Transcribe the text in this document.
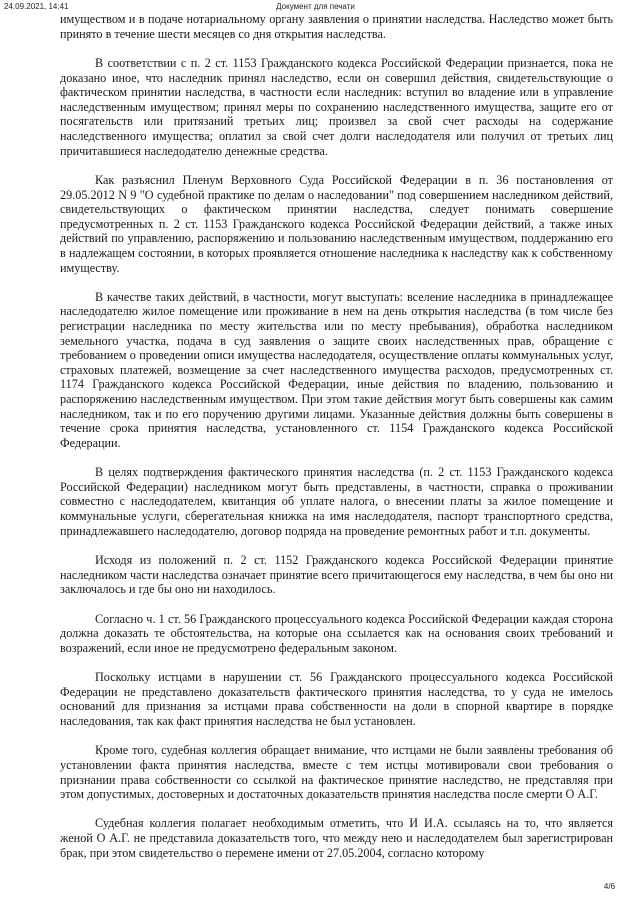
24.09.2021, 14:41	Документ для печати

имуществом и в подаче нотариальному органу заявления о принятии наследства. Наследство может быть принято в течение шести месяцев со дня открытия наследства.

В соответствии с п. 2 ст. 1153 Гражданского кодекса Российской Федерации признается, пока не доказано иное, что наследник принял наследство, если он совершил действия, свидетельствующие о фактическом принятии наследства, в частности если наследник: вступил во владение или в управление наследственным имуществом; принял меры по сохранению наследственного имущества, защите его от посягательств или притязаний третьих лиц; произвел за свой счет расходы на содержание наследственного имущества; оплатил за свой счет долги наследодателя или получил от третьих лиц причитавшиеся наследодателю денежные средства.

Как разъяснил Пленум Верховного Суда Российской Федерации в п. 36 постановления от 29.05.2012 N 9 "О судебной практике по делам о наследовании" под совершением наследником действий, свидетельствующих о фактическом принятии наследства, следует понимать совершение предусмотренных п. 2 ст. 1153 Гражданского кодекса Российской Федерации действий, а также иных действий по управлению, распоряжению и пользованию наследственным имуществом, поддержанию его в надлежащем состоянии, в которых проявляется отношение наследника к наследству как к собственному имуществу.

В качестве таких действий, в частности, могут выступать: вселение наследника в принадлежащее наследодателю жилое помещение или проживание в нем на день открытия наследства (в том числе без регистрации наследника по месту жительства или по месту пребывания), обработка наследником земельного участка, подача в суд заявления о защите своих наследственных прав, обращение с требованием о проведении описи имущества наследодателя, осуществление оплаты коммунальных услуг, страховых платежей, возмещение за счет наследственного имущества расходов, предусмотренных ст. 1174 Гражданского кодекса Российской Федерации, иные действия по владению, пользованию и распоряжению наследственным имуществом. При этом такие действия могут быть совершены как самим наследником, так и по его поручению другими лицами. Указанные действия должны быть совершены в течение срока принятия наследства, установленного ст. 1154 Гражданского кодекса Российской Федерации.

В целях подтверждения фактического принятия наследства (п. 2 ст. 1153 Гражданского кодекса Российской Федерации) наследником могут быть представлены, в частности, справка о проживании совместно с наследодателем, квитанция об уплате налога, о внесении платы за жилое помещение и коммунальные услуги, сберегательная книжка на имя наследодателя, паспорт транспортного средства, принадлежавшего наследодателю, договор подряда на проведение ремонтных работ и т.п. документы.

Исходя из положений п. 2 ст. 1152 Гражданского кодекса Российской Федерации принятие наследником части наследства означает принятие всего причитающегося ему наследства, в чем бы оно ни заключалось и где бы оно ни находилось.

Согласно ч. 1 ст. 56 Гражданского процессуального кодекса Российской Федерации каждая сторона должна доказать те обстоятельства, на которые она ссылается как на основания своих требований и возражений, если иное не предусмотрено федеральным законом.

Поскольку истцами в нарушении ст. 56 Гражданского процессуального кодекса Российской Федерации не представлено доказательств фактического принятия наследства, то у суда не имелось оснований для признания за истцами права собственности на доли в спорной квартире в порядке наследования, так как факт принятия наследства не был установлен.

Кроме того, судебная коллегия обращает внимание, что истцами не были заявлены требования об установлении факта принятия наследства, вместе с тем истцы мотивировали свои требования о признании права собственности со ссылкой на фактическое принятие наследство, не представляя при этом допустимых, достоверных и достаточных доказательств принятия наследства после смерти О А.Г.

Судебная коллегия полагает необходимым отметить, что И И.А. ссылаясь на то, что является женой О А.Г. не представила доказательств того, что между нею и наследодателем был зарегистрирован брак, при этом свидетельство о перемене имени от 27.05.2004, согласно которому

4/6
